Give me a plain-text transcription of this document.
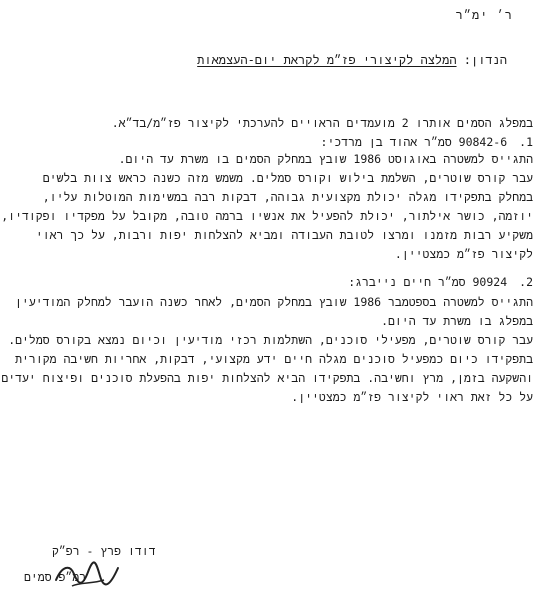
ר׳ ימ״ר
הנדון: המלצה לקיצורי פז״מ לקראת יום-העצמאות
במפלג הסמים אותרו 2 מועמדים הראויים להערכתי לקיצור פז״מ/בד״א.
1.90842-6 סמ״ר אהוד בן מרדכי:
התגייס למשטרה באוגוסט 1986 שובץ במחלק הסמים בו משרת עד היום.
עבר קורס שוטרים, השלמת בילוש וקורס סמלים. משמש מזה כשנה כראש צוות בלשים
במחלק בתפקידו מגלה יכולת מקצועית גבוהה, דבקות רבה במשימות המוטלות עליו,
יוזמה, כושר אילתור, יכולת להפעיל את אנשיו ברמה טובה, מקובל על מפקדיו ופקודיו,
משקיע רבות מזמנו ומרצו לטובת העבודה ומביא להצלחות יפות ורבות, על כך ראוי
לקיצור פז״מ כמצטיין.
2.90924 סמ״ר חיים נייברג:
התגייס למשטרה בספטמבר 1986 שובץ במחלק הסמים, לאחר כשנה הועבר למחלק המודיעין
במפלג בו משרת עד היום.
עבר קורס שוטרים, מפעילי סוכנים, השתלמות רכזי מודיעין וכיום נמצא בקורס סמלים.
בתפקידו כיום כמפעיל סוכנים מגלה חיים ידע מקצועי, דבקות, אחריות חשיבה מקורית
והשקעה בזמן, מרץ וחשיבה. בתפקידו הביא להצלחות יפות בהפעלת סוכנים ופיצוח יעדים
על כל זאת ראוי לקיצור פז״מ כמצטיין.
דודו פרץ - רפ״ק
רמ״פ סמים
